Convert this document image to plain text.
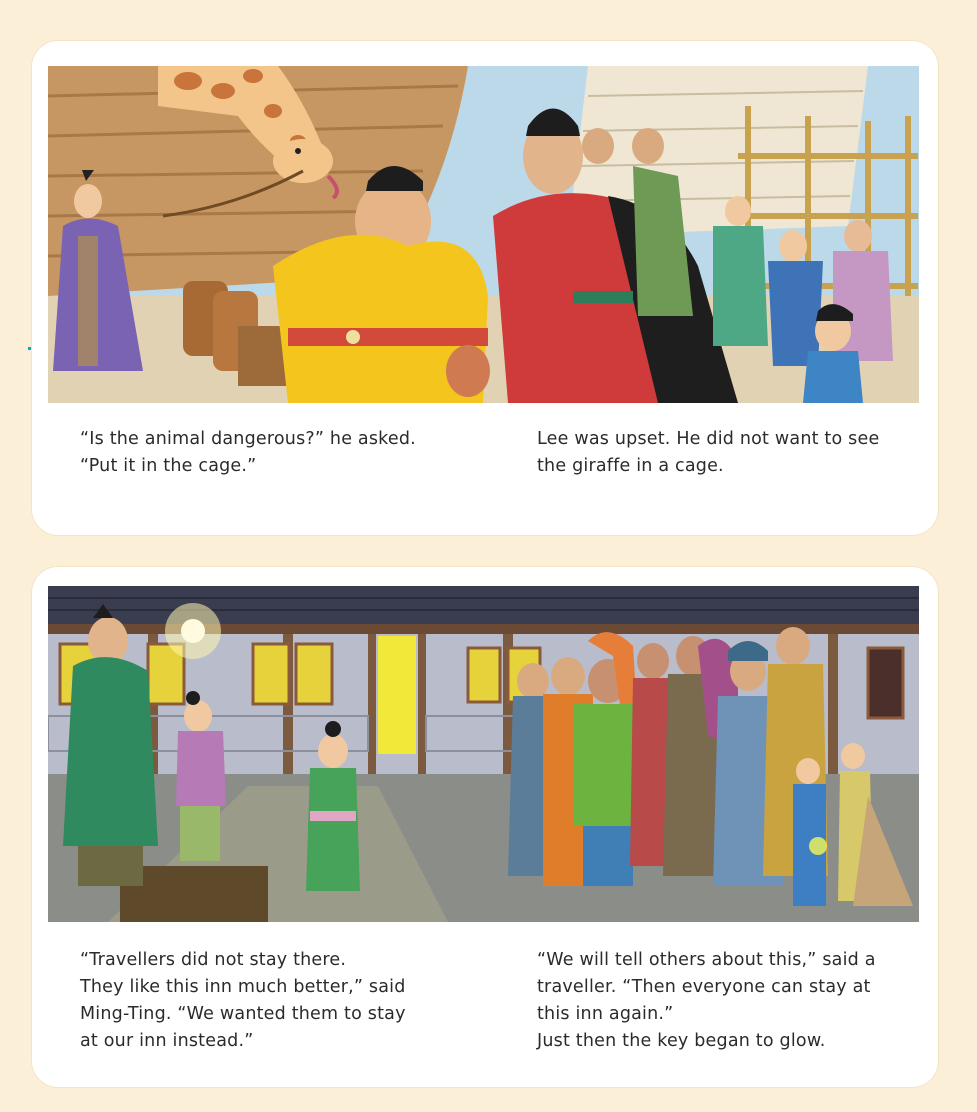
“Is the animal dangerous?” he asked.
“Put it in the cage.”

Lee was upset. He did not want to see
the giraffe in a cage.

“Travellers did not stay there.
They like this inn much better,” said
Ming-Ting. “We wanted them to stay
at our inn instead.”

“We will tell others about this,” said a
traveller. “Then everyone can stay at
this inn again.”
Just then the key began to glow.
